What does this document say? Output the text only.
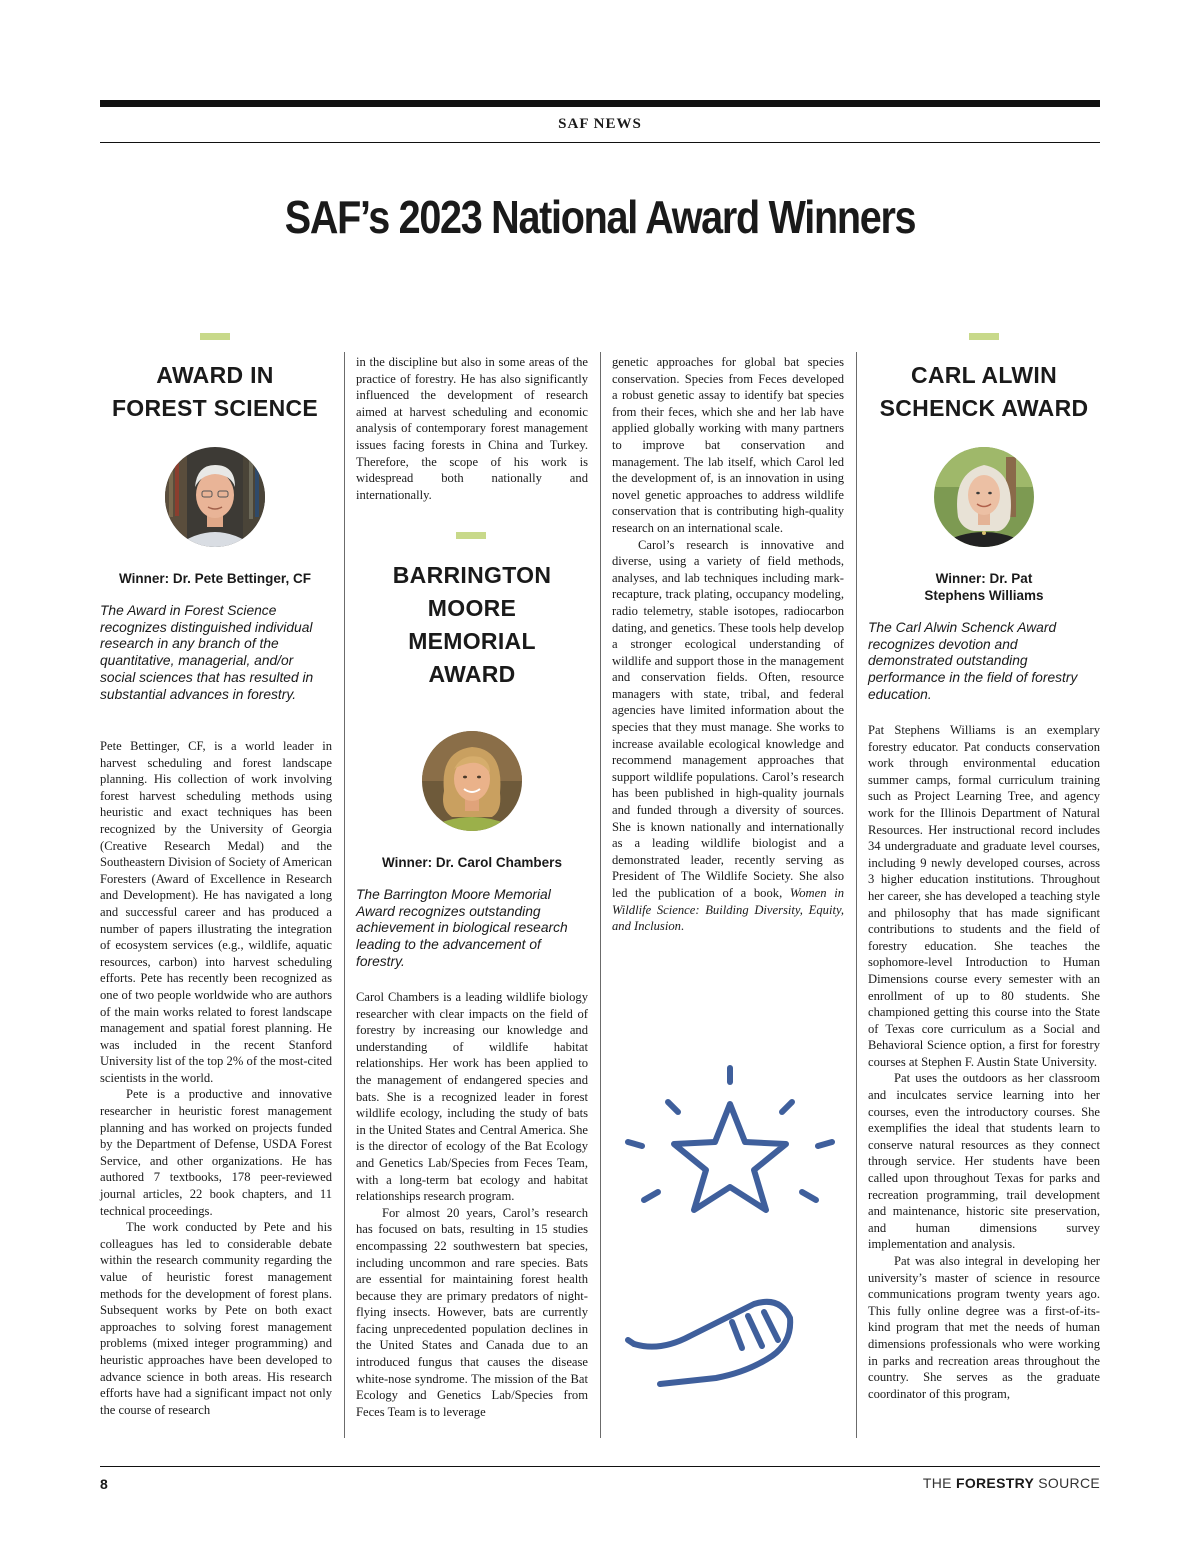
SAF NEWS
SAF’s 2023 National Award Winners
AWARD IN
FOREST SCIENCE
Winner: Dr. Pete Bettinger, CF
The Award in Forest Science recognizes distinguished individual research in any branch of the quantitative, managerial, and/or social sciences that has resulted in substantial advances in forestry.

Pete Bettinger, CF, is a world leader in harvest scheduling and forest landscape planning. His collection of work involving forest harvest scheduling methods using heuristic and exact techniques has been recognized by the University of Georgia (Creative Research Medal) and the Southeastern Division of Society of American Foresters (Award of Excellence in Research and Development). He has navigated a long and successful career and has produced a number of papers illustrating the integration of ecosystem services (e.g., wildlife, aquatic resources, carbon) into harvest scheduling efforts. Pete has recently been recognized as one of two people worldwide who are authors of the main works related to forest landscape management and spatial forest planning. He was included in the recent Stanford University list of the top 2% of the most-cited scientists in the world.

Pete is a productive and innovative researcher in heuristic forest management planning and has worked on projects funded by the Department of Defense, USDA Forest Service, and other organizations. He has authored 7 textbooks, 178 peer-reviewed journal articles, 22 book chapters, and 11 technical proceedings.

The work conducted by Pete and his colleagues has led to considerable debate within the research community regarding the value of heuristic forest management methods for the development of forest plans. Subsequent works by Pete on both exact approaches to solving forest management problems (mixed integer programming) and heuristic approaches have been developed to advance science in both areas. His research efforts have had a significant impact not only the course of research

in the discipline but also in some areas of the practice of forestry. He has also significantly influenced the development of research aimed at harvest scheduling and economic analysis of contemporary forest management issues facing forests in China and Turkey. Therefore, the scope of his work is widespread both nationally and internationally.

BARRINGTON
MOORE
MEMORIAL
AWARD
Winner: Dr. Carol Chambers
The Barrington Moore Memorial Award recognizes outstanding achievement in biological research leading to the advancement of forestry.

Carol Chambers is a leading wildlife biology researcher with clear impacts on the field of forestry by increasing our knowledge and understanding of wildlife habitat relationships. Her work has been applied to the management of endangered species and bats. She is a recognized leader in forest wildlife ecology, including the study of bats in the United States and Central America. She is the director of ecology of the Bat Ecology and Genetics Lab/Species from Feces Team, with a long-term bat ecology and habitat relationships research program.

For almost 20 years, Carol’s research has focused on bats, resulting in 15 studies encompassing 22 southwestern bat species, including uncommon and rare species. Bats are essential for maintaining forest health because they are primary predators of night-flying insects. However, bats are currently facing unprecedented population declines in the United States and Canada due to an introduced fungus that causes the disease white-nose syndrome. The mission of the Bat Ecology and Genetics Lab/Species from Feces Team is to leverage

genetic approaches for global bat species conservation. Species from Feces developed a robust genetic assay to identify bat species from their feces, which she and her lab have applied globally working with many partners to improve bat conservation and management. The lab itself, which Carol led the development of, is an innovation in using novel genetic approaches to address wildlife conservation that is contributing high-quality research on an international scale.

Carol’s research is innovative and diverse, using a variety of field methods, analyses, and lab techniques including mark-recapture, track plating, occupancy modeling, radio telemetry, stable isotopes, radiocarbon dating, and genetics. These tools help develop a stronger ecological understanding of wildlife and support those in the management and conservation fields. Often, resource managers with state, tribal, and federal agencies have limited information about the species that they must manage. She works to increase available ecological knowledge and recommend management approaches that support wildlife populations. Carol’s research has been published in high-quality journals and funded through a diversity of sources. She is known nationally and internationally as a leading wildlife biologist and a demonstrated leader, recently serving as President of The Wildlife Society. She also led the publication of a book, Women in Wildlife Science: Building Diversity, Equity, and Inclusion.

CARL ALWIN
SCHENCK AWARD
Winner: Dr. Pat
Stephens Williams
The Carl Alwin Schenck Award recognizes devotion and demonstrated outstanding performance in the field of forestry education.

Pat Stephens Williams is an exemplary forestry educator. Pat conducts conservation work through environmental education summer camps, formal curriculum training such as Project Learning Tree, and agency work for the Illinois Department of Natural Resources. Her instructional record includes 34 undergraduate and graduate level courses, including 9 newly developed courses, across 3 higher education institutions. Throughout her career, she has developed a teaching style and philosophy that has made significant contributions to students and the field of forestry education. She teaches the sophomore-level Introduction to Human Dimensions course every semester with an enrollment of up to 80 students. She championed getting this course into the State of Texas core curriculum as a Social and Behavioral Science option, a first for forestry courses at Stephen F. Austin State University.

Pat uses the outdoors as her classroom and inculcates service learning into her courses, even the introductory courses. She exemplifies the ideal that students learn to conserve natural resources as they connect through service. Her students have been called upon throughout Texas for parks and recreation programming, trail development and maintenance, historic site preservation, and human dimensions survey implementation and analysis.

Pat was also integral in developing her university’s master of science in resource communications program twenty years ago. This fully online degree was a first-of-its-kind program that met the needs of human dimensions professionals who were working in parks and recreation areas throughout the country. She serves as the graduate coordinator of this program,

8	THE FORESTRY SOURCE
